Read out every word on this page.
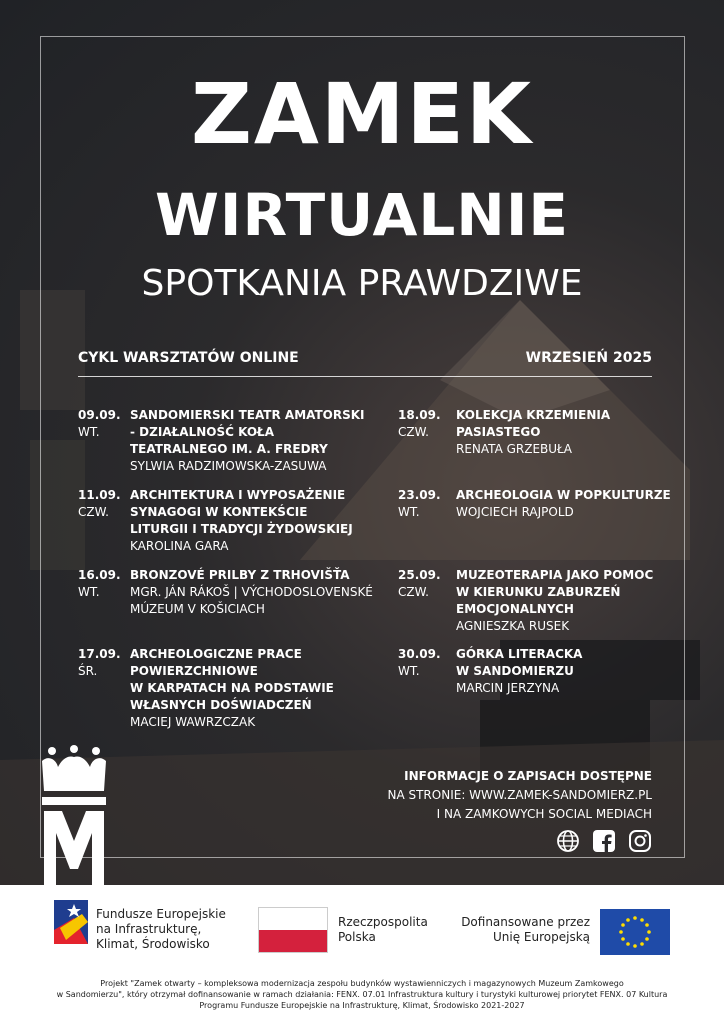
ZAMEK
WIRTUALNIE
SPOTKANIA PRAWDZIWE
CYKL WARSZTATÓW ONLINE	WRZESIEŃ 2025
09.09.
WT.
SANDOMIERSKI TEATR AMATORSKI
- DZIAŁALNOŚĆ KOŁA
TEATRALNEGO IM. A. FREDRY
SYLWIA RADZIMOWSKA-ZASUWA
11.09.
CZW.
ARCHITEKTURA I WYPOSAŻENIE
SYNAGOGI W KONTEKŚCIE
LITURGII I TRADYCJI ŻYDOWSKIEJ
KAROLINA GARA
16.09.
WT.
BRONZOVÉ PRILBY Z TRHOVIŠŤA
MGR. JÁN RÁKOŠ | VÝCHODOSLOVENSKÉ
MÚZEUM V KOŠICIACH
17.09.
ŚR.
ARCHEOLOGICZNE PRACE
POWIERZCHNIOWE
W KARPATACH NA PODSTAWIE
WŁASNYCH DOŚWIADCZEŃ
MACIEJ WAWRZCZAK
18.09.
CZW.
KOLEKCJA KRZEMIENIA
PASIASTEGO
RENATA GRZEBUŁA
23.09.
WT.
ARCHEOLOGIA W POPKULTURZE
WOJCIECH RAJPOLD
25.09.
CZW.
MUZEOTERAPIA JAKO POMOC
W KIERUNKU ZABURZEŃ
EMOCJONALNYCH
AGNIESZKA RUSEK
30.09.
WT.
GÓRKA LITERACKA
W SANDOMIERZU
MARCIN JERZYNA
INFORMACJE O ZAPISACH DOSTĘPNE
NA STRONIE: WWW.ZAMEK-SANDOMIERZ.PL
I NA ZAMKOWYCH SOCIAL MEDIACH
Fundusze Europejskie
na Infrastrukturę,
Klimat, Środowisko
Rzeczpospolita
Polska
Dofinansowane przez
Unię Europejską
Projekt "Zamek otwarty – kompleksowa modernizacja zespołu budynków wystawienniczych i magazynowych Muzeum Zamkowego
w Sandomierzu", który otrzymał dofinansowanie w ramach działania: FENX. 07.01 Infrastruktura kultury i turystyki kulturowej priorytet FENX. 07 Kultura
Programu Fundusze Europejskie na Infrastrukturę, Klimat, Środowisko 2021-2027
